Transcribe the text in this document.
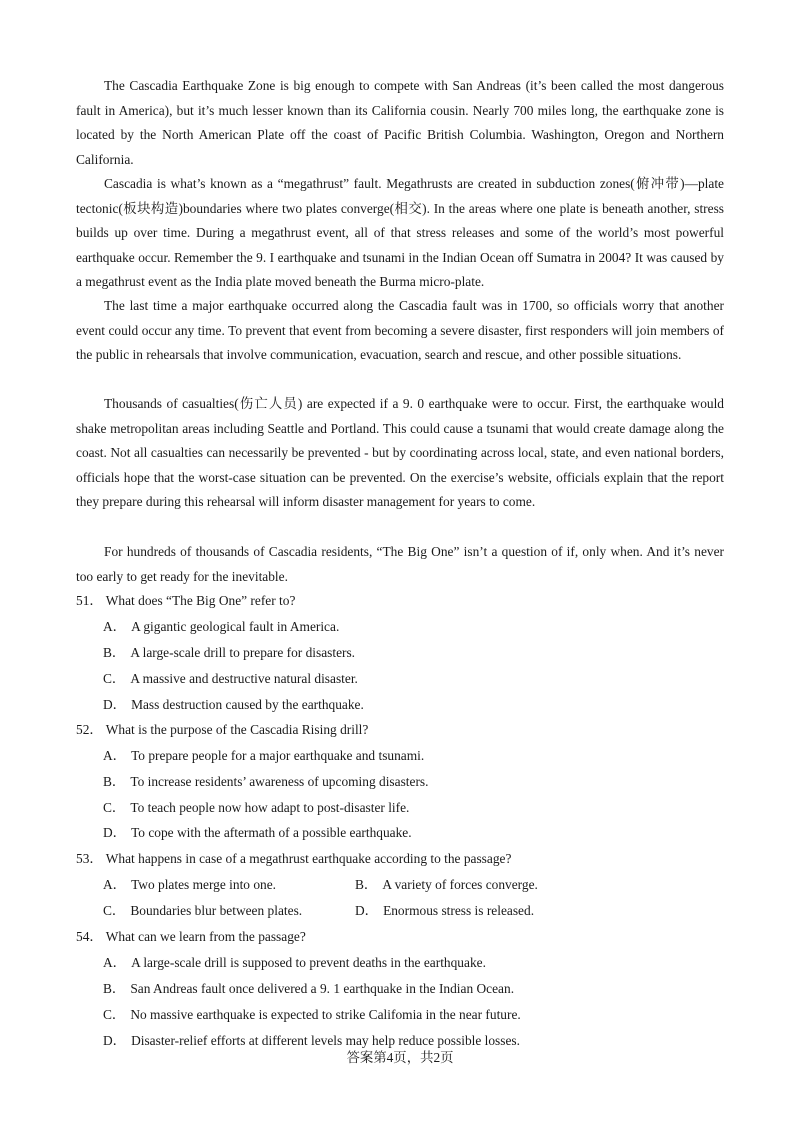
The Cascadia Earthquake Zone is big enough to compete with San Andreas (it’s been called the most dangerous fault in America), but it’s much lesser known than its California cousin. Nearly 700 miles long, the earthquake zone is located by the North American Plate off the coast of Pacific British Columbia. Washington, Oregon and Northern California.

Cascadia is what’s known as a “megathrust” fault. Megathrusts are created in subduction zones(俯冲带)—plate tectonic(板块构造)boundaries where two plates converge(相交). In the areas where one plate is beneath another, stress builds up over time. During a megathrust event, all of that stress releases and some of the world’s most powerful earthquake occur. Remember the 9. I earthquake and tsunami in the Indian Ocean off Sumatra in 2004? It was caused by a megathrust event as the India plate moved beneath the Burma micro-plate.

The last time a major earthquake occurred along the Cascadia fault was in 1700, so officials worry that another event could occur any time. To prevent that event from becoming a severe disaster, first responders will join members of the public in rehearsals that involve communication, evacuation, search and rescue, and other possible situations.

Thousands of casualties(伤亡人员) are expected if a 9. 0 earthquake were to occur. First, the earthquake would shake metropolitan areas including Seattle and Portland. This could cause a tsunami that would create damage along the coast. Not all casualties can necessarily be prevented - but by coordinating across local, state, and even national borders, officials hope that the worst-case situation can be prevented. On the exercise’s website, officials explain that the report they prepare during this rehearsal will inform disaster management for years to come.

For hundreds of thousands of Cascadia residents, “The Big One” isn’t a question of if, only when. And it’s never too early to get ready for the inevitable.

51． What does “The Big One” refer to?
A． A gigantic geological fault in America.
B． A large-scale drill to prepare for disasters.
C． A massive and destructive natural disaster.
D． Mass destruction caused by the earthquake.
52． What is the purpose of the Cascadia Rising drill?
A． To prepare people for a major earthquake and tsunami.
B． To increase residents’ awareness of upcoming disasters.
C． To teach people now how adapt to post-disaster life.
D． To cope with the aftermath of a possible earthquake.
53． What happens in case of a megathrust earthquake according to the passage?
A． Two plates merge into one.	B． A variety of forces converge.
C． Boundaries blur between plates.	D． Enormous stress is released.
54． What can we learn from the passage?
A． A large-scale drill is supposed to prevent deaths in the earthquake.
B． San Andreas fault once delivered a 9. 1 earthquake in the Indian Ocean.
C． No massive earthquake is expected to strike Califomia in the near future.
D． Disaster-relief efforts at different levels may help reduce possible losses.
答案第4页，共2页
